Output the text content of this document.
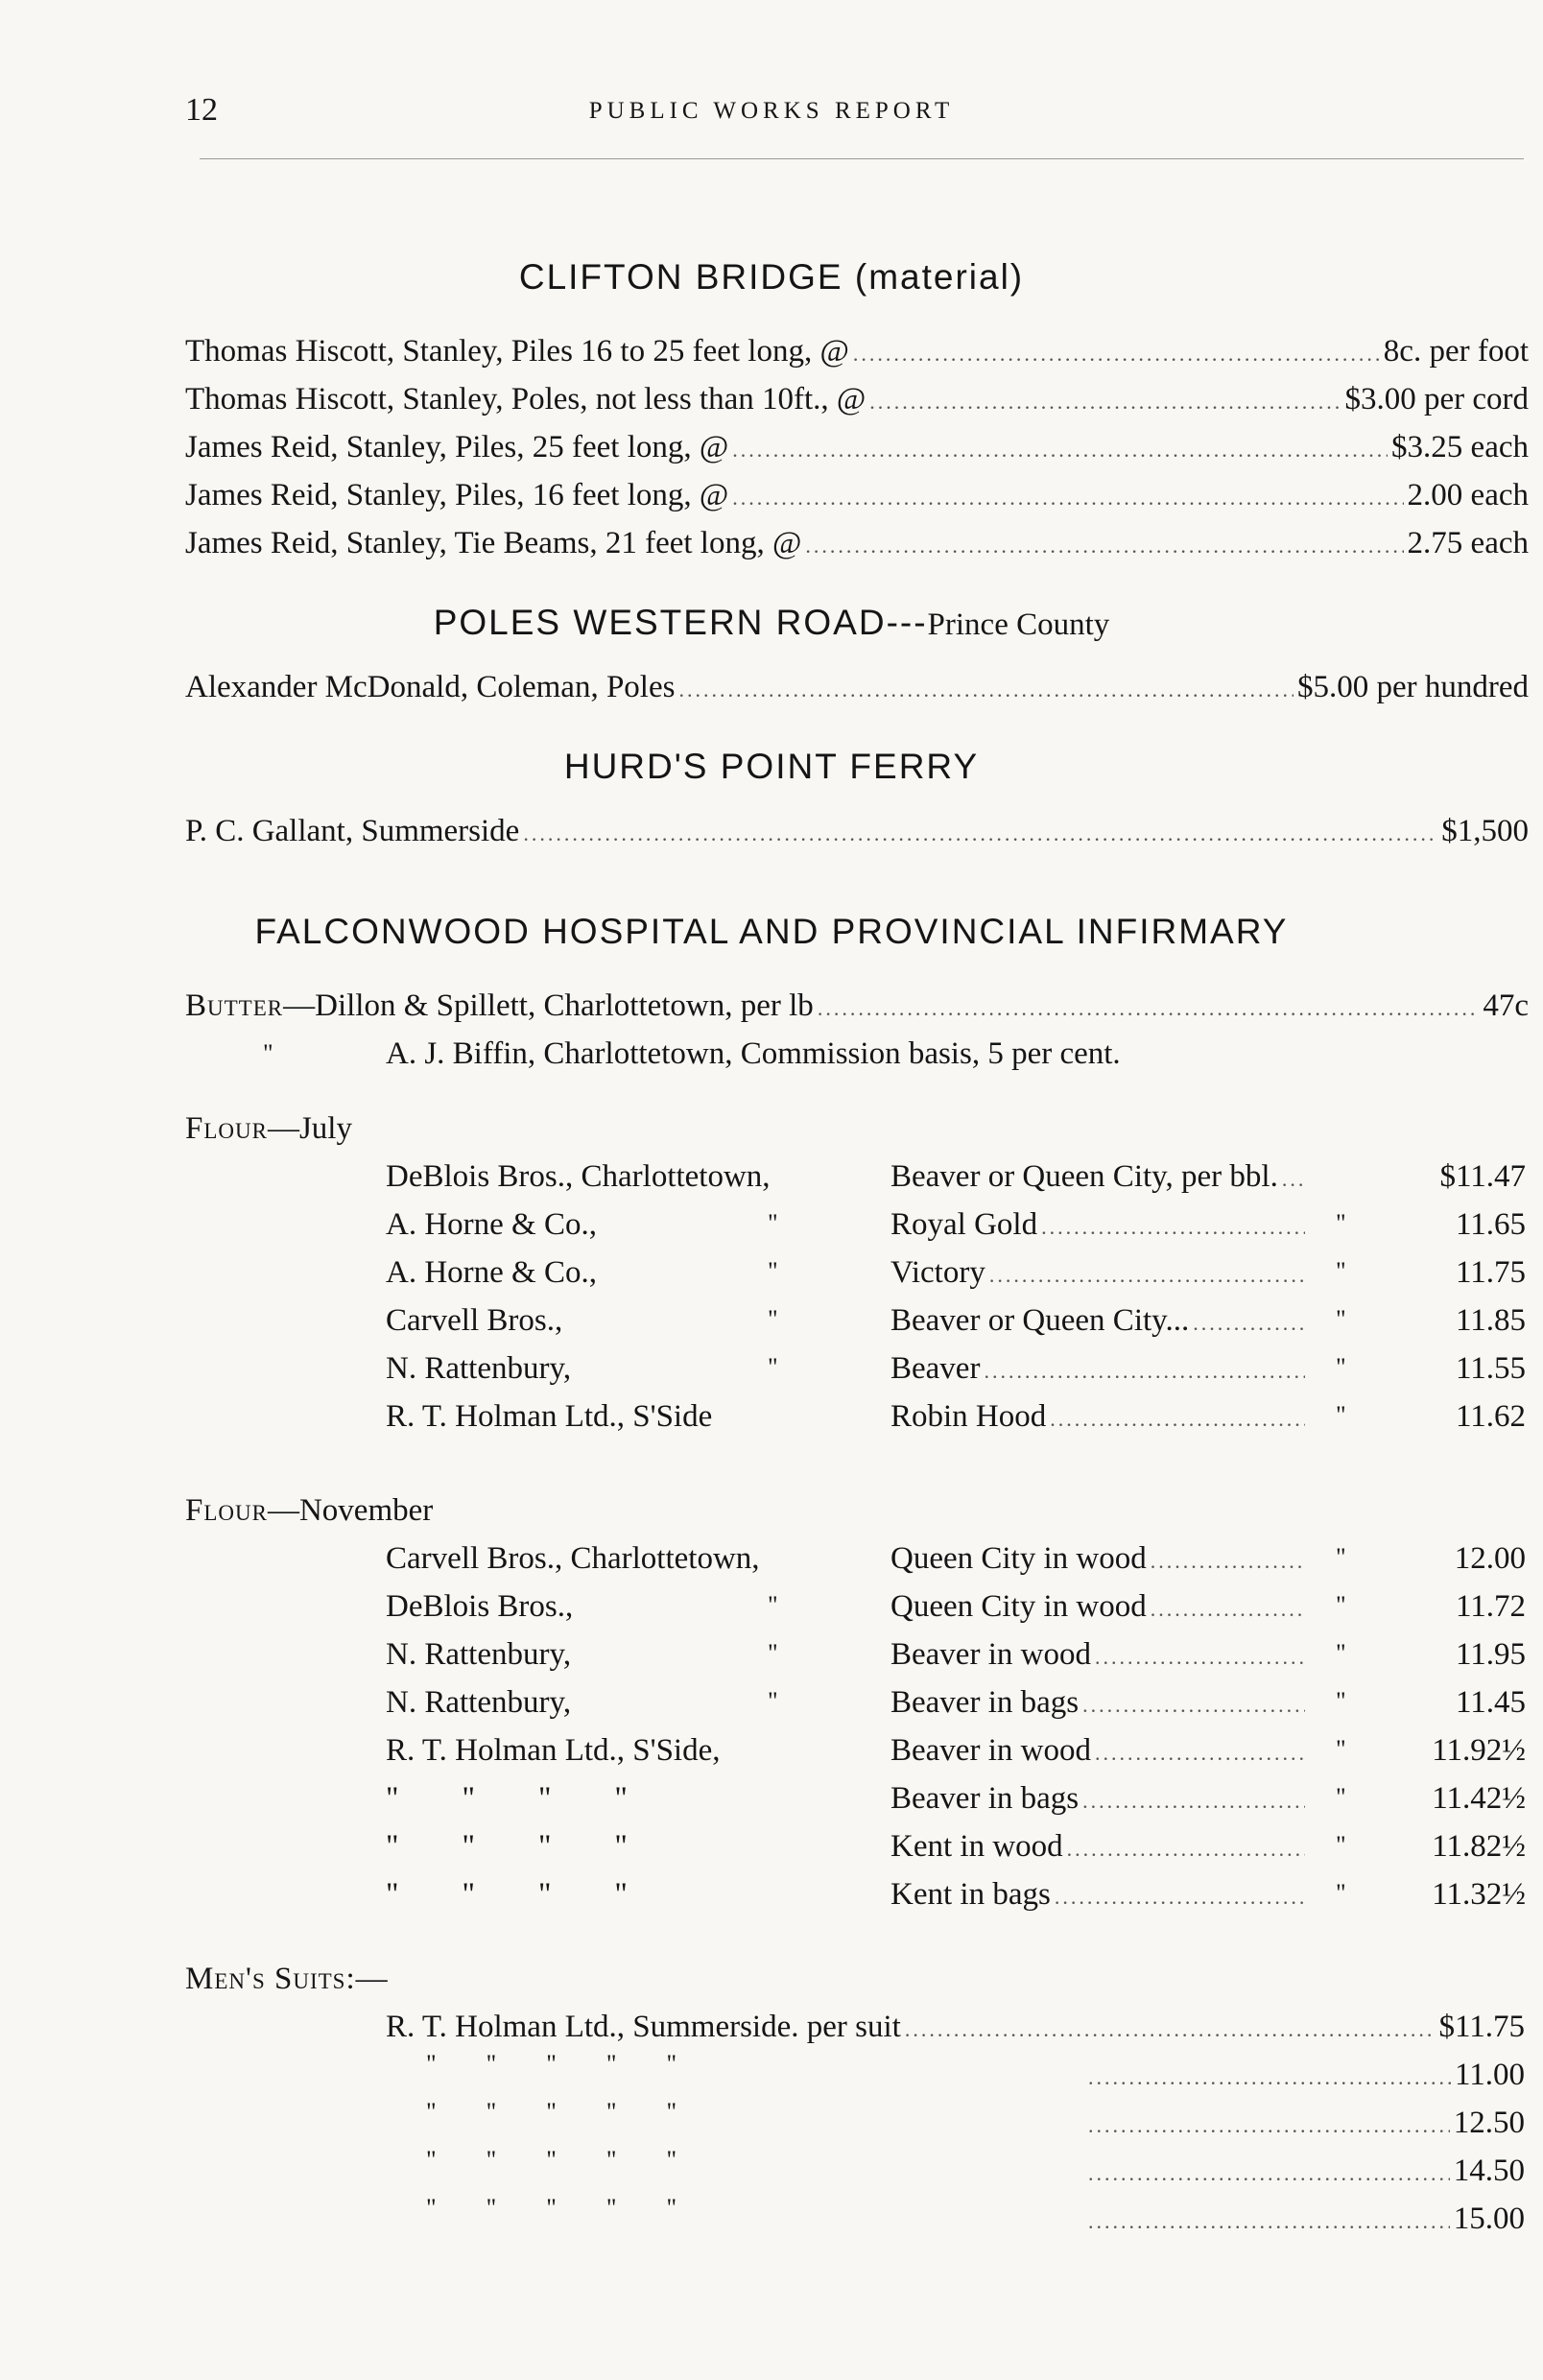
12	PUBLIC WORKS REPORT
CLIFTON BRIDGE (material)
Thomas Hiscott, Stanley, Piles 16 to 25 feet long, @ .....	8c. per foot
Thomas Hiscott, Stanley, Poles, not less than 10ft., @ .....	$3.00 per cord
James Reid, Stanley, Piles, 25 feet long, @ .....	$3.25 each
James Reid, Stanley, Piles, 16 feet long, @ .....	2.00 each
James Reid, Stanley, Tie Beams, 21 feet long, @ .....	2.75 each
POLES WESTERN ROAD---Prince County
Alexander McDonald, Coleman, Poles .....	$5.00 per hundred
HURD'S POINT FERRY
P. C. Gallant, Summerside .....	$1,500
FALCONWOOD HOSPITAL AND PROVINCIAL INFIRMARY
Butter —Dillon & Spillett, Charlottetown, per lb .....	47c
"	A. J. Biffin, Charlottetown, Commission basis, 5 per cent.
Flour—July
DeBlois Bros., Charlottetown,	Beaver or Queen City, per bbl. .....	$11.47
A. Horne & Co.,	"	Royal Gold .....	"	11.65
A. Horne & Co.,	"	Victory .....	"	11.75
Carvell Bros.,	"	Beaver or Queen City... .....	"	11.85
N. Rattenbury,	"	Beaver .....	"	11.55
R. T. Holman Ltd., S'Side	Robin Hood .....	"	11.62
Flour—November
Carvell Bros., Charlottetown,	Queen City in wood .....	"	12.00
DeBlois Bros.,	"	Queen City in wood .....	"	11.72
N. Rattenbury,	"	Beaver in wood .....	"	11.95
N. Rattenbury,	"	Beaver in bags .....	"	11.45
R. T. Holman Ltd., S'Side,	Beaver in wood .....	"	11.92½
"        "        "        "	Beaver in bags .....	"	11.42½
"        "        "        "	Kent in wood .....	"	11.82½
"        "        "        "	Kent in bags .....	"	11.32½
Men's Suits:—
R. T. Holman Ltd., Summerside. per suit .....	$11.75
"        "        "        "        " .....	11.00
"        "        "        "        " .....	12.50
"        "        "        "        " .....	14.50
"        "        "        "        " .....	15.00
